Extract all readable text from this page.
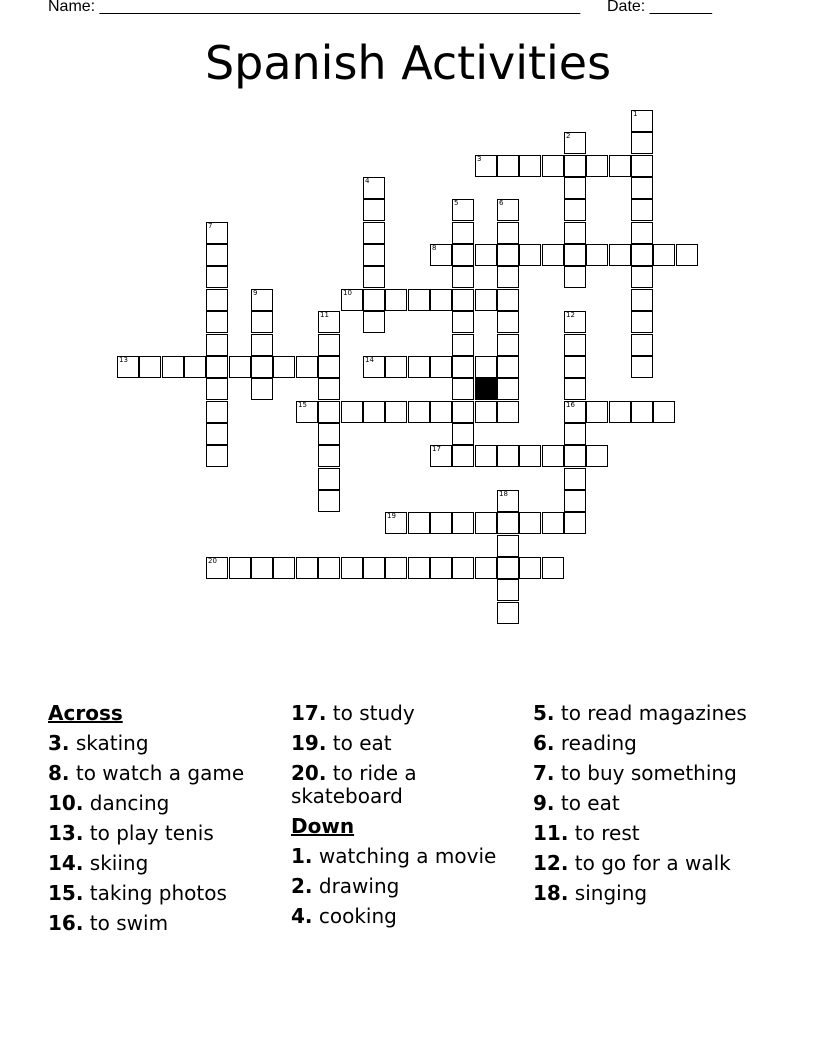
Name: ______________________________________________________ Date: _______
Spanish Activities
1
2
3
4
5	6
7
8
9	10
11	12
16
13	14
15
17
18
19
20
Across
3. skating
8. to watch a game
10. dancing
13. to play tenis
14. skiing
15. taking photos
16. to swim
17. to study
19. to eat
20. to ride a skateboard
Down
1. watching a movie
2. drawing
4. cooking
5. to read magazines
6. reading
7. to buy something
9. to eat
11. to rest
12. to go for a walk
18. singing
